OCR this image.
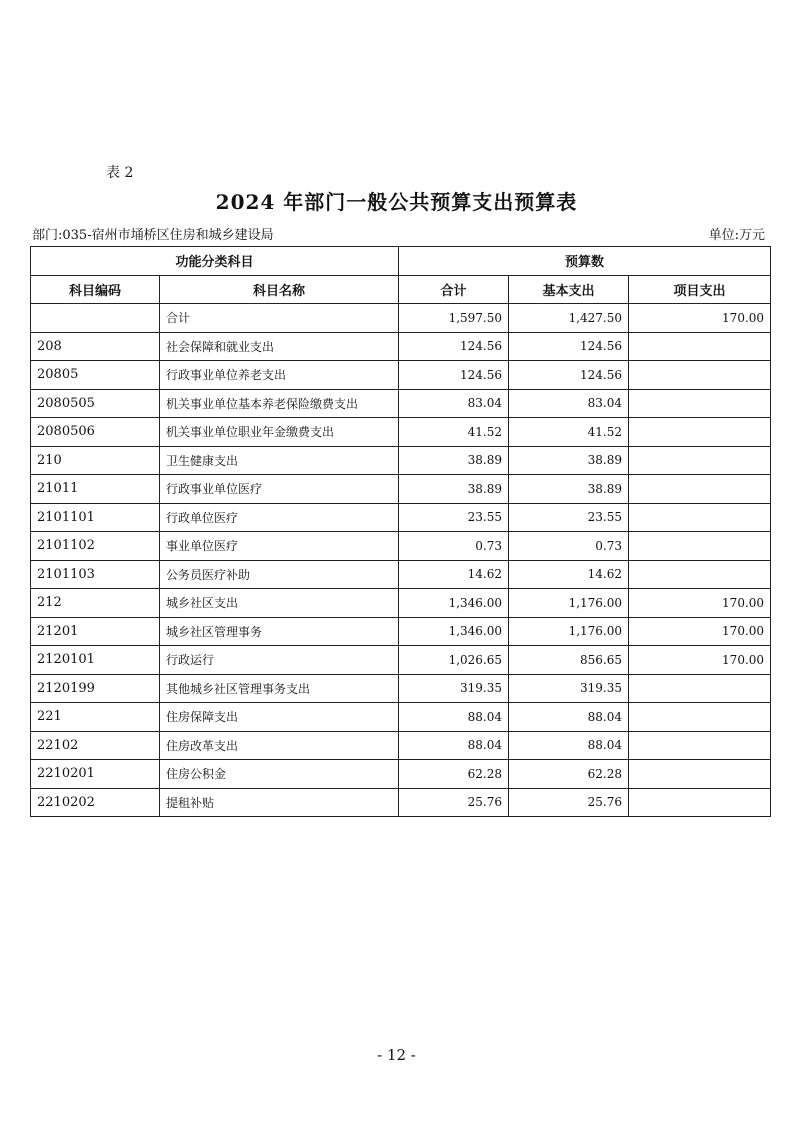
表 2
2024 年部门一般公共预算支出预算表
部门:035-宿州市埇桥区住房和城乡建设局	单位:万元
功能分类科目		预算数		
科目编码	科目名称	合计	基本支出	项目支出
	合计	1,597.50	1,427.50	170.00
208	社会保障和就业支出	124.56	124.56	
20805	行政事业单位养老支出	124.56	124.56	
2080505	机关事业单位基本养老保险缴费支出	83.04	83.04	
2080506	机关事业单位职业年金缴费支出	41.52	41.52	
210	卫生健康支出	38.89	38.89	
21011	行政事业单位医疗	38.89	38.89	
2101101	行政单位医疗	23.55	23.55	
2101102	事业单位医疗	0.73	0.73	
2101103	公务员医疗补助	14.62	14.62	
212	城乡社区支出	1,346.00	1,176.00	170.00
21201	城乡社区管理事务	1,346.00	1,176.00	170.00
2120101	行政运行	1,026.65	856.65	170.00
2120199	其他城乡社区管理事务支出	319.35	319.35	
221	住房保障支出	88.04	88.04	
22102	住房改革支出	88.04	88.04	
2210201	住房公积金	62.28	62.28	
2210202	提租补贴	25.76	25.76	
- 12 -
